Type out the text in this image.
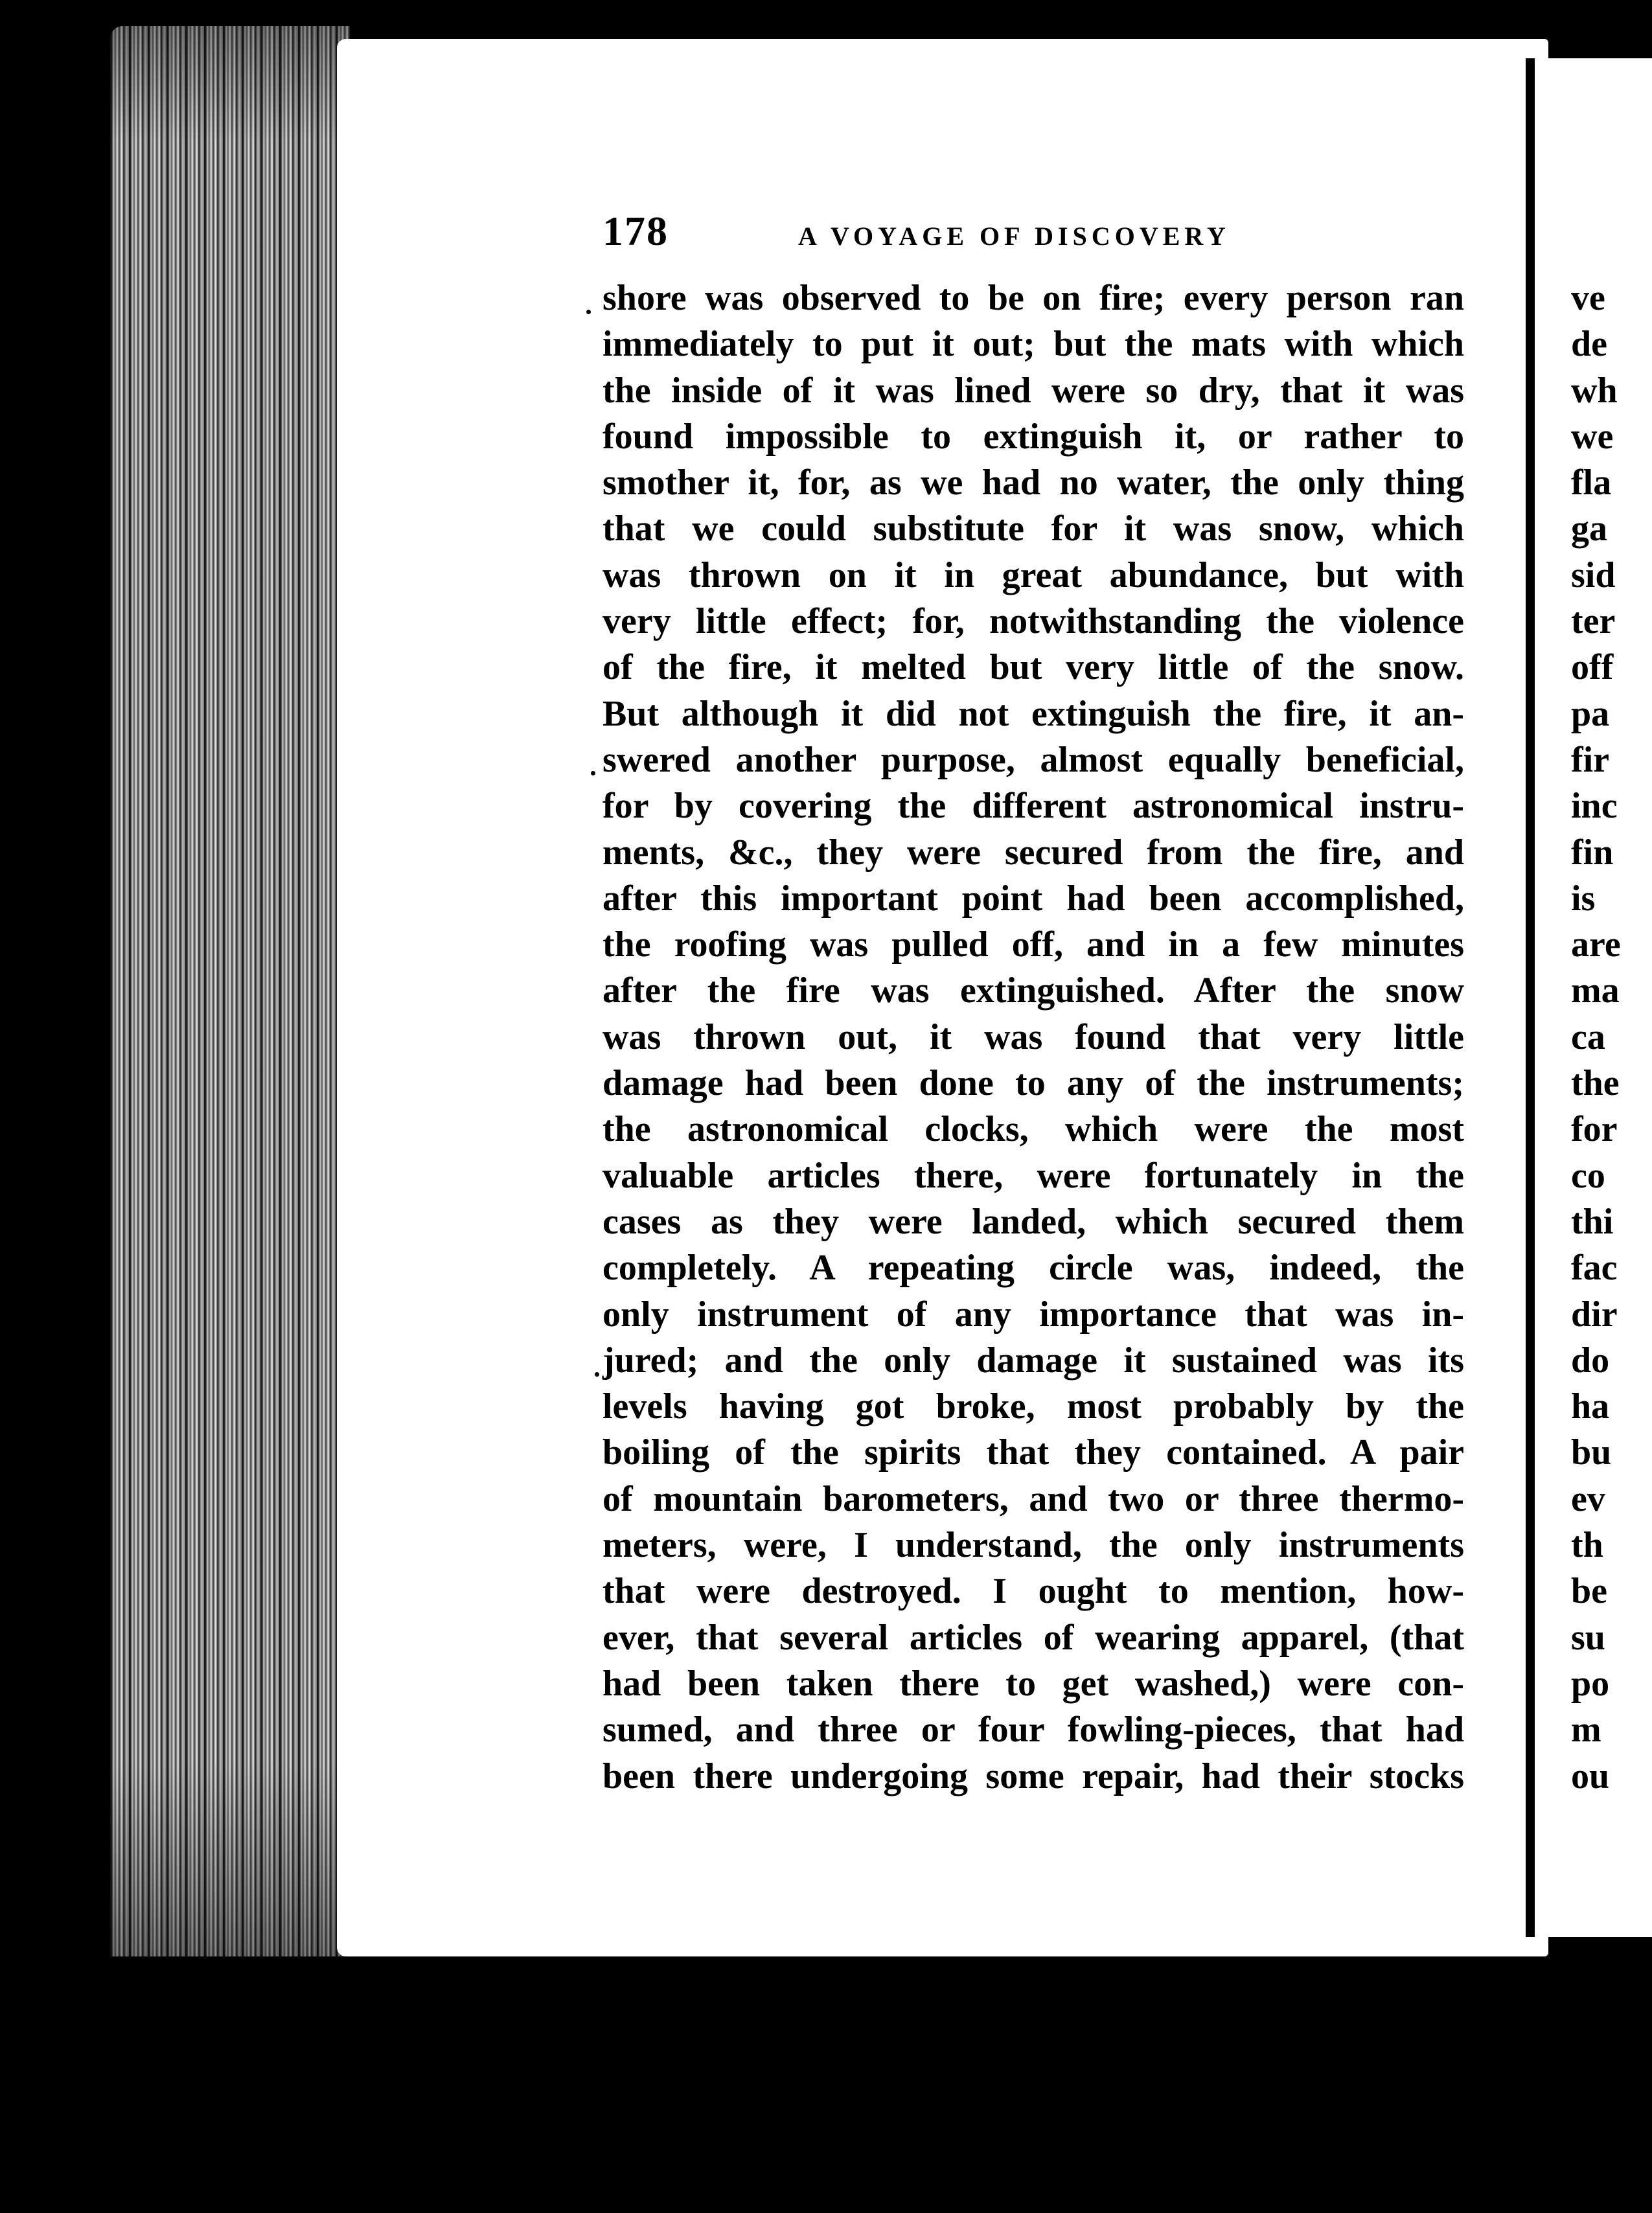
178	A VOYAGE OF DISCOVERY
shore was observed to be on fire; every person ran
immediately to put it out; but the mats with which
the inside of it was lined were so dry, that it was
found impossible to extinguish it, or rather to
smother it, for, as we had no water, the only thing
that we could substitute for it was snow, which
was thrown on it in great abundance, but with
very little effect; for, notwithstanding the violence
of the fire, it melted but very little of the snow.
But although it did not extinguish the fire, it an-
swered another purpose, almost equally beneficial,
for by covering the different astronomical instru-
ments, &c., they were secured from the fire, and
after this important point had been accomplished,
the roofing was pulled off, and in a few minutes
after the fire was extinguished. After the snow
was thrown out, it was found that very little
damage had been done to any of the instruments;
the astronomical clocks, which were the most
valuable articles there, were fortunately in the
cases as they were landed, which secured them
completely. A repeating circle was, indeed, the
only instrument of any importance that was in-
jured; and the only damage it sustained was its
levels having got broke, most probably by the
boiling of the spirits that they contained. A pair
of mountain barometers, and two or three thermo-
meters, were, I understand, the only instruments
that were destroyed. I ought to mention, how-
ever, that several articles of wearing apparel, (that
had been taken there to get washed,) were con-
sumed, and three or four fowling-pieces, that had
been there undergoing some repair, had their stocks
ve
de
wh
we
fla
ga
sid
ter
off
pa
fir
inc
fin
is
are
ma
ca
the
for
co
thi
fac
dir
do
ha
bu
ev
th
be
su
po
m
ou
